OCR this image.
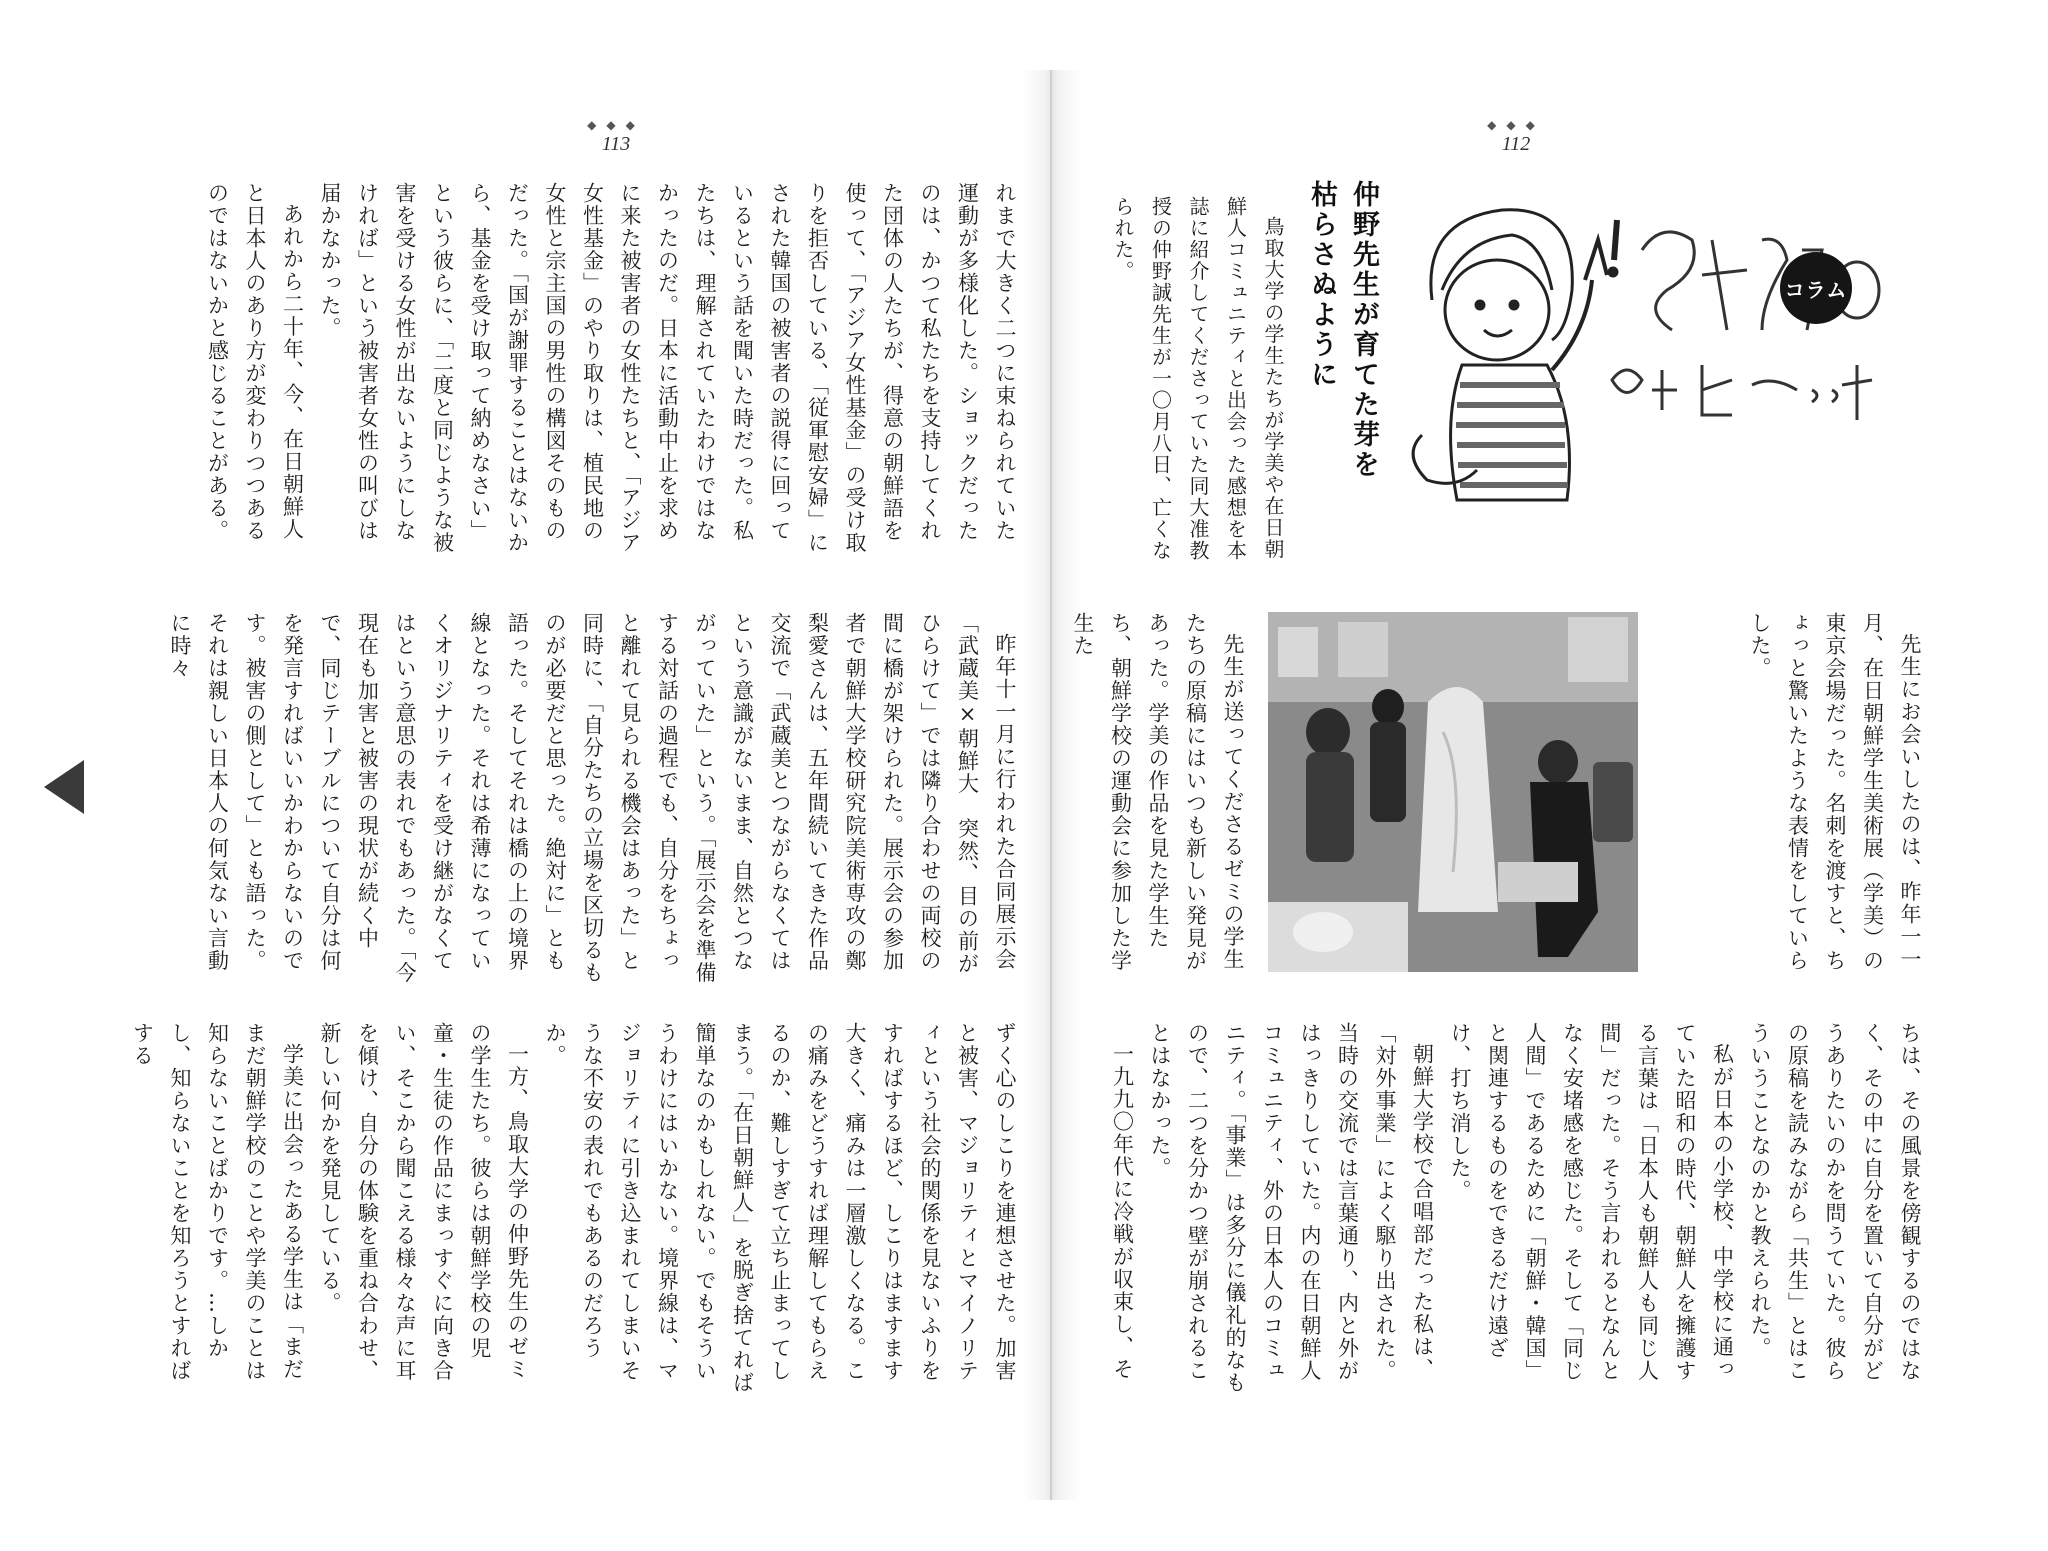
◆◆◆
113

れまで大きく二つに束ねられていた運動が多様化した。ショックだったのは、かつて私たちを支持してくれた団体の人たちが、得意の朝鮮語を使って、「アジア女性基金」の受け取りを拒否している、「従軍慰安婦」にされた韓国の被害者の説得に回っているという話を聞いた時だった。私たちは、理解されていたわけではなかったのだ。日本に活動中止を求めに来た被害者の女性たちと、「アジア女性基金」のやり取りは、植民地の女性と宗主国の男性の構図そのものだった。「国が謝罪することはないから、基金を受け取って納めなさい」という彼らに、「二度と同じような被害を受ける女性が出ないようにしなければ」という被害者女性の叫びは届かなかった。

あれから二十年、今、在日朝鮮人と日本人のあり方が変わりつつあるのではないかと感じることがある。

昨年十一月に行われた合同展示会「武蔵美×朝鮮大　突然、目の前がひらけて」では隣り合わせの両校の間に橋が架けられた。展示会の参加者で朝鮮大学校研究院美術専攻の鄭梨愛さんは、五年間続いてきた作品交流で「武蔵美とつながらなくてはという意識がないまま、自然とつながっていた」という。「展示会を準備する対話の過程でも、自分をちょっと離れて見られる機会はあった」と同時に、「自分たちの立場を区切るものが必要だと思った。絶対に」とも語った。そしてそれは橋の上の境界線となった。それは希薄になっていくオリジナリティを受け継がなくてはという意思の表れでもあった。「今現在も加害と被害の現状が続く中で、同じテーブルについて自分は何を発言すればいいかわからないのです。被害の側として」とも語った。それは親しい日本人の何気ない言動に時々

ずく心のしこりを連想させた。加害と被害、マジョリティとマイノリティという社会的関係を見ないふりをすればするほど、しこりはますます大きく、痛みは一層激しくなる。この痛みをどうすれば理解してもらえるのか、難しすぎて立ち止まってしまう。「在日朝鮮人」を脱ぎ捨てれば簡単なのかもしれない。でもそういうわけにはいかない。境界線は、マジョリティに引き込まれてしまいそうな不安の表れでもあるのだろうか。

一方、鳥取大学の仲野先生のゼミの学生たち。彼らは朝鮮学校の児童・生徒の作品にまっすぐに向き合い、そこから聞こえる様々な声に耳を傾け、自分の体験を重ね合わせ、新しい何かを発見している。

学美に出会ったある学生は「まだまだ朝鮮学校のことや学美のことは知らないことばかりです。…しかし、知らないことを知ろうとすればする

◆◆◆
112
コラム
仲野先生が育てた芽を枯らさぬように

鳥取大学の学生たちが学美や在日朝鮮人コミュニティと出会った感想を本誌に紹介してくださっていた同大准教授の仲野誠先生が一〇月八日、亡くなられた。

先生にお会いしたのは、昨年一一月、在日朝鮮学生美術展（学美）の東京会場だった。名刺を渡すと、ちょっと驚いたような表情をしていらした。

先生が送ってくださるゼミの学生たちの原稿にはいつも新しい発見があった。学美の作品を見た学生たち、朝鮮学校の運動会に参加した学生た

ちは、その風景を傍観するのではなく、その中に自分を置いて自分がどうありたいのかを問うていた。彼らの原稿を読みながら「共生」とはこういうことなのかと教えられた。

私が日本の小学校、中学校に通っていた昭和の時代、朝鮮人を擁護する言葉は「日本人も朝鮮人も同じ人間」だった。そう言われるとなんとなく安堵感を感じた。そして「同じ人間」であるために「朝鮮・韓国」と関連するものをできるだけ遠ざけ、打ち消した。

朝鮮大学校で合唱部だった私は、「対外事業」によく駆り出された。当時の交流では言葉通り、内と外がはっきりしていた。内の在日朝鮮人コミュニティ、外の日本人のコミュニティ。「事業」は多分に儀礼的なもので、二つを分かつ壁が崩されることはなかった。

一九九〇年代に冷戦が収束し、そ
